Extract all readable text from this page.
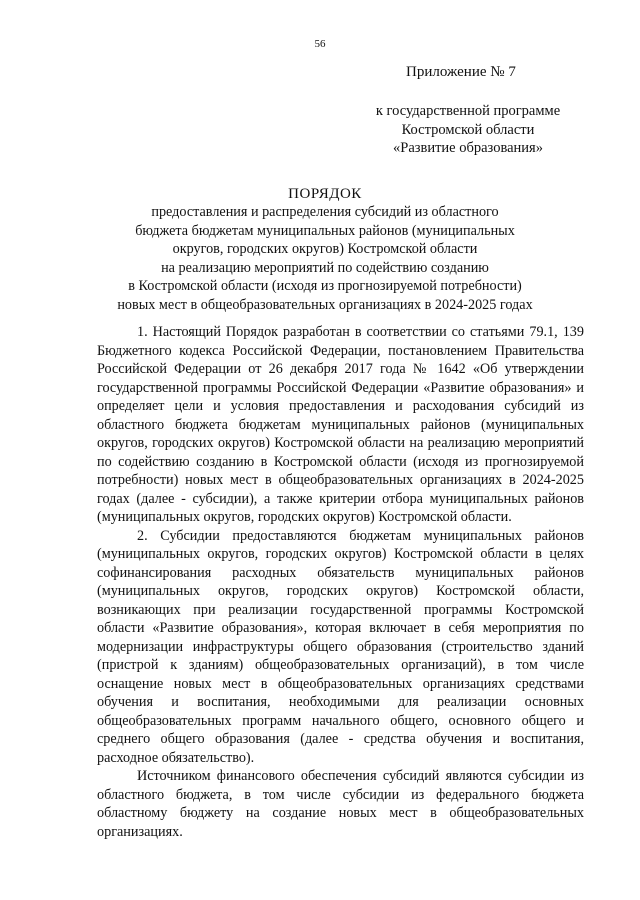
56
Приложение № 7
к государственной программе
Костромской области
«Развитие образования»
ПОРЯДОК
предоставления и распределения субсидий из областного
бюджета бюджетам муниципальных районов (муниципальных
округов, городских округов) Костромской области
на реализацию мероприятий по содействию созданию
в Костромской области (исходя из прогнозируемой потребности)
новых мест в общеобразовательных организациях в 2024-2025 годах

1. Настоящий Порядок разработан в соответствии со статьями 79.1, 139 Бюджетного кодекса Российской Федерации, постановлением Правительства Российской Федерации от 26 декабря 2017 года № 1642 «Об утверждении государственной программы Российской Федерации «Развитие образования» и определяет цели и условия предоставления и расходования субсидий из областного бюджета бюджетам муниципальных районов (муниципальных округов, городских округов) Костромской области на реализацию мероприятий по содействию созданию в Костромской области (исходя из прогнозируемой потребности) новых мест в общеобразовательных организациях в 2024-2025 годах (далее - субсидии), а также критерии отбора муниципальных районов (муниципальных округов, городских округов) Костромской области.

2. Субсидии предоставляются бюджетам муниципальных районов (муниципальных округов, городских округов) Костромской области в целях софинансирования расходных обязательств муниципальных районов (муниципальных округов, городских округов) Костромской области, возникающих при реализации государственной программы Костромской области «Развитие образования», которая включает в себя мероприятия по модернизации инфраструктуры общего образования (строительство зданий (пристрой к зданиям) общеобразовательных организаций), в том числе оснащение новых мест в общеобразовательных организациях средствами обучения и воспитания, необходимыми для реализации основных общеобразовательных программ начального общего, основного общего и среднего общего образования (далее - средства обучения и воспитания, расходное обязательство).

Источником финансового обеспечения субсидий являются субсидии из областного бюджета, в том числе субсидии из федерального бюджета областному бюджету на создание новых мест в общеобразовательных организациях.
